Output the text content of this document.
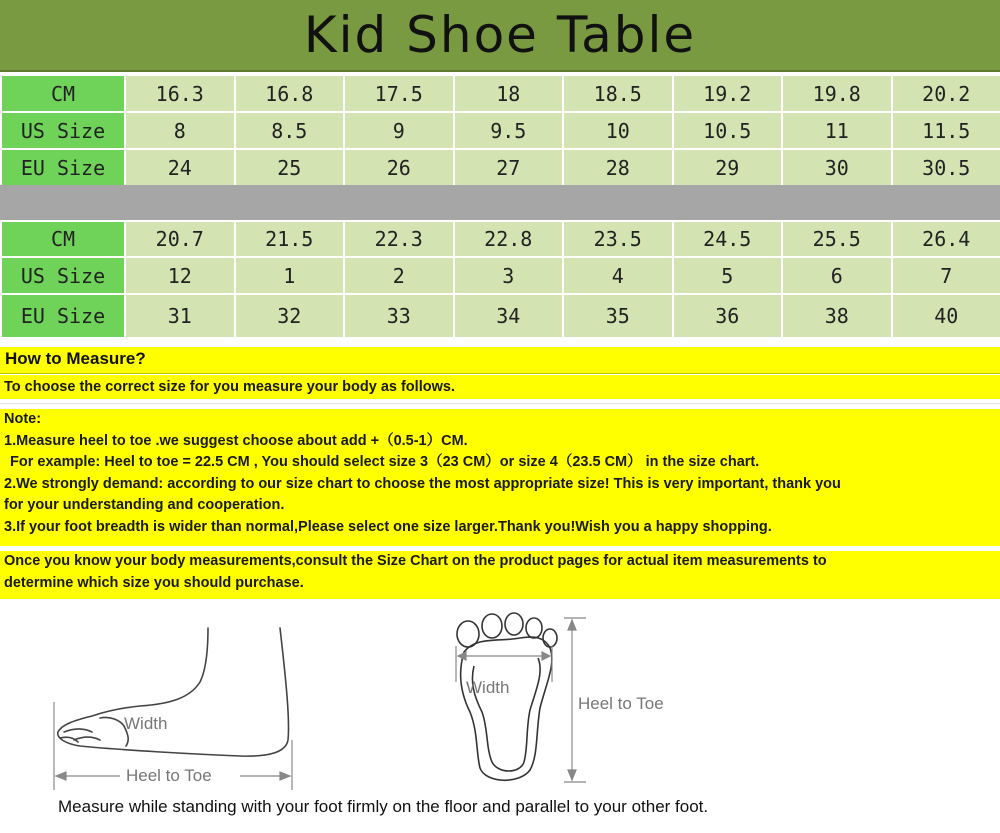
Kid Shoe Table
CM	16.3	16.8	17.5	18	18.5	19.2	19.8	20.2
US Size	8	8.5	9	9.5	10	10.5	11	11.5
EU Size	24	25	26	27	28	29	30	30.5
CM	20.7	21.5	22.3	22.8	23.5	24.5	25.5	26.4
US Size	12	1	2	3	4	5	6	7
EU Size	31	32	33	34	35	36	38	40
How to Measure?

To choose the correct size for you measure your body as follows.

Note:

1.Measure heel to toe .we suggest choose about add +（0.5-1）CM.

For example: Heel to toe = 22.5 CM , You should select size 3（23 CM）or size 4（23.5 CM） in the size chart.

2.We strongly demand: according to our size chart to choose the most appropriate size! This is very important, thank you

for your understanding and cooperation.

3.If your foot breadth is wider than normal,Please select one size larger.Thank you!Wish you a happy shopping.

Once you know your body measurements,consult the Size Chart on the product pages for actual item measurements to

determine which size you should purchase.

Width
Heel to Toe
Width
Heel to Toe
Measure while standing with your foot firmly on the floor and parallel to your other foot.
